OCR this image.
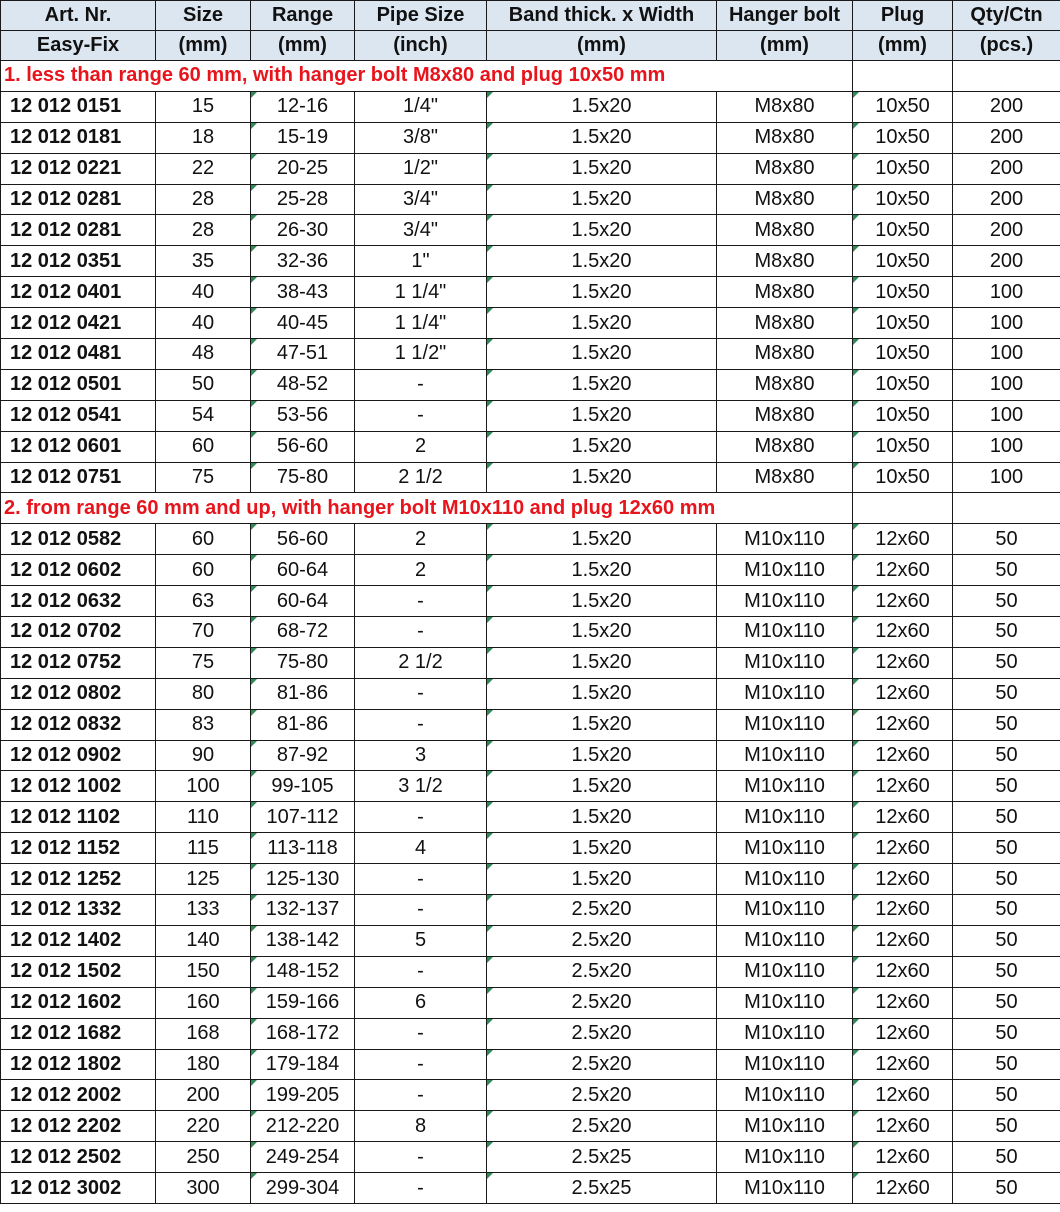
Art. Nr.	Size	Range	Pipe Size	Band thick. x Width	Hanger bolt	Plug	Qty/Ctn
Easy-Fix	(mm)	(mm)	(inch)	(mm)	(mm)	(mm)	(pcs.)
1. less than range 60 mm, with hanger bolt M8x80 and plug 10x50 mm							
12 012 0151	15	12-16	1/4"	1.5x20	M8x80	10x50	200
12 012 0181	18	15-19	3/8"	1.5x20	M8x80	10x50	200
12 012 0221	22	20-25	1/2"	1.5x20	M8x80	10x50	200
12 012 0281	28	25-28	3/4"	1.5x20	M8x80	10x50	200
12 012 0281	28	26-30	3/4"	1.5x20	M8x80	10x50	200
12 012 0351	35	32-36	1"	1.5x20	M8x80	10x50	200
12 012 0401	40	38-43	1 1/4"	1.5x20	M8x80	10x50	100
12 012 0421	40	40-45	1 1/4"	1.5x20	M8x80	10x50	100
12 012 0481	48	47-51	1 1/2"	1.5x20	M8x80	10x50	100
12 012 0501	50	48-52	-	1.5x20	M8x80	10x50	100
12 012 0541	54	53-56	-	1.5x20	M8x80	10x50	100
12 012 0601	60	56-60	2	1.5x20	M8x80	10x50	100
12 012 0751	75	75-80	2 1/2	1.5x20	M8x80	10x50	100
2. from range 60 mm and up, with hanger bolt M10x110 and plug 12x60 mm							
12 012 0582	60	56-60	2	1.5x20	M10x110	12x60	50
12 012 0602	60	60-64	2	1.5x20	M10x110	12x60	50
12 012 0632	63	60-64	-	1.5x20	M10x110	12x60	50
12 012 0702	70	68-72	-	1.5x20	M10x110	12x60	50
12 012 0752	75	75-80	2 1/2	1.5x20	M10x110	12x60	50
12 012 0802	80	81-86	-	1.5x20	M10x110	12x60	50
12 012 0832	83	81-86	-	1.5x20	M10x110	12x60	50
12 012 0902	90	87-92	3	1.5x20	M10x110	12x60	50
12 012 1002	100	99-105	3 1/2	1.5x20	M10x110	12x60	50
12 012 1102	110	107-112	-	1.5x20	M10x110	12x60	50
12 012 1152	115	113-118	4	1.5x20	M10x110	12x60	50
12 012 1252	125	125-130	-	1.5x20	M10x110	12x60	50
12 012 1332	133	132-137	-	2.5x20	M10x110	12x60	50
12 012 1402	140	138-142	5	2.5x20	M10x110	12x60	50
12 012 1502	150	148-152	-	2.5x20	M10x110	12x60	50
12 012 1602	160	159-166	6	2.5x20	M10x110	12x60	50
12 012 1682	168	168-172	-	2.5x20	M10x110	12x60	50
12 012 1802	180	179-184	-	2.5x20	M10x110	12x60	50
12 012 2002	200	199-205	-	2.5x20	M10x110	12x60	50
12 012 2202	220	212-220	8	2.5x20	M10x110	12x60	50
12 012 2502	250	249-254	-	2.5x25	M10x110	12x60	50
12 012 3002	300	299-304	-	2.5x25	M10x110	12x60	50
